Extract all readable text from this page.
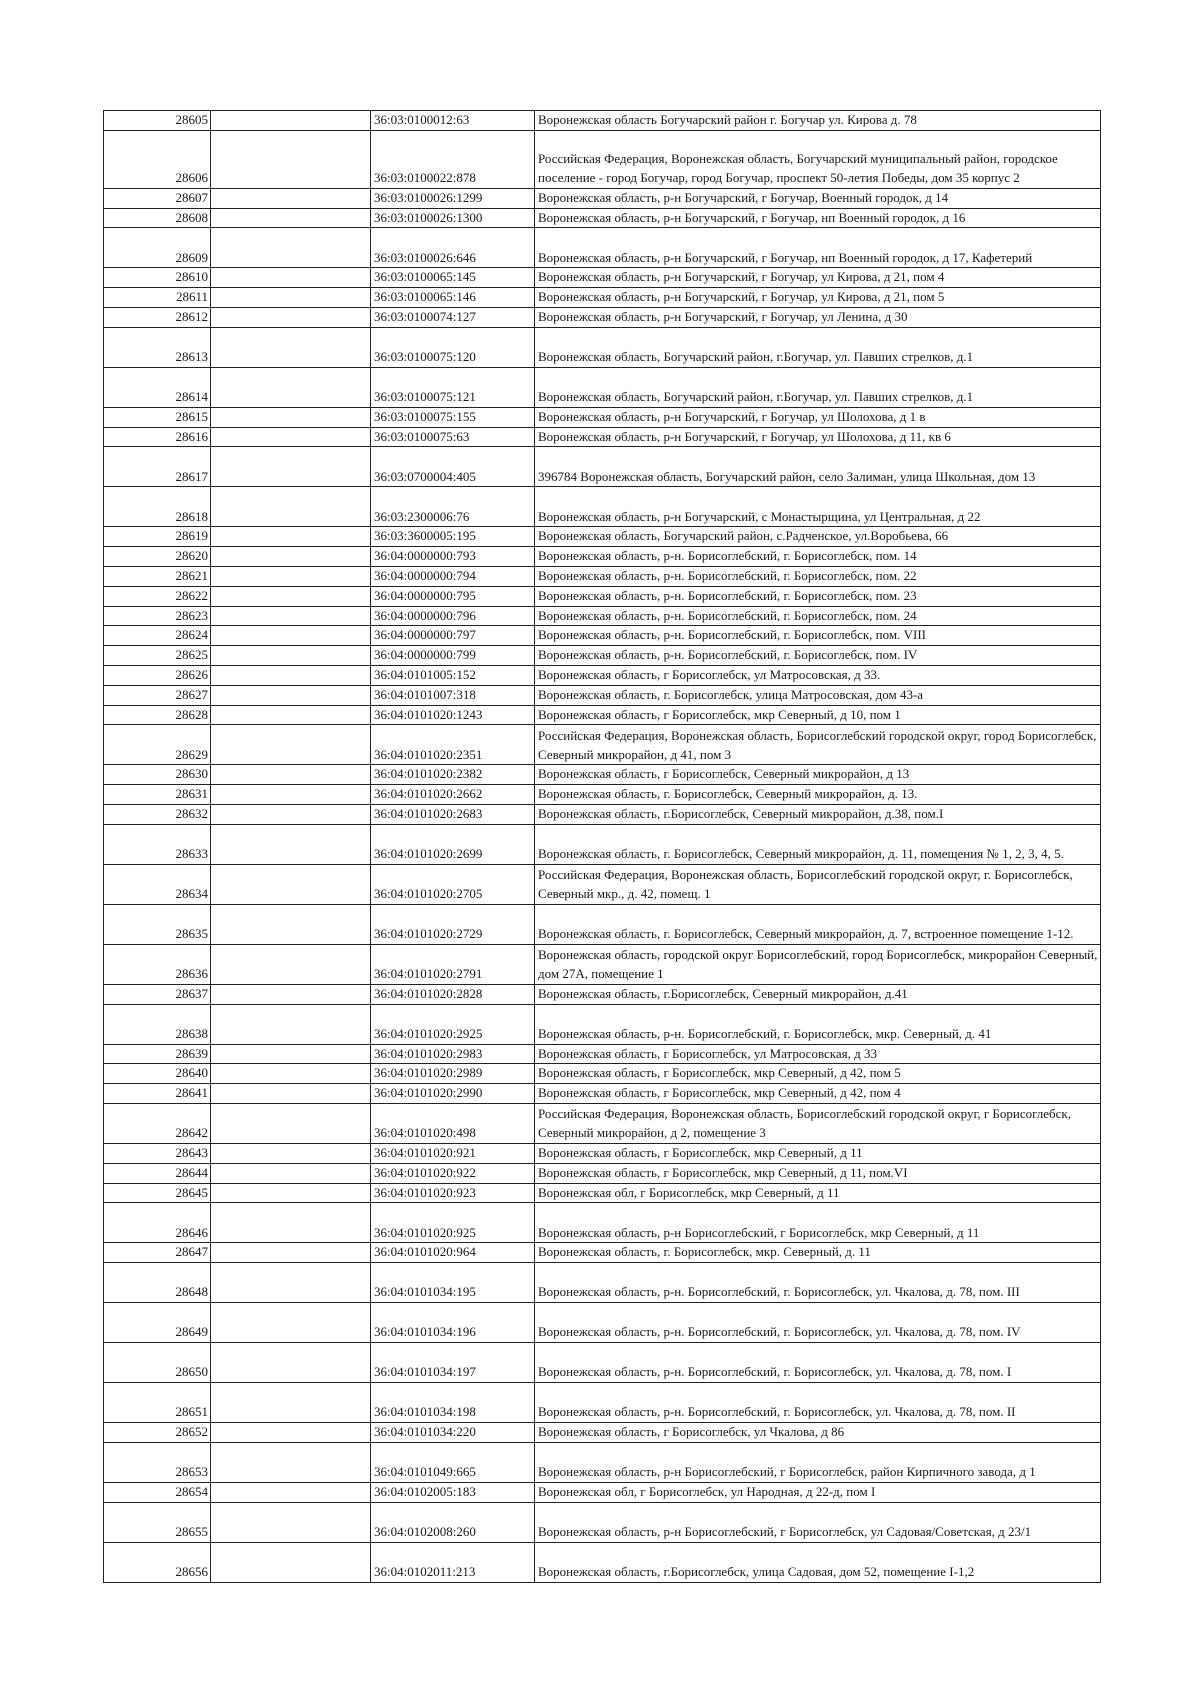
28605		36:03:0100012:63	Воронежская область Богучарский район г. Богучар ул. Кирова д. 78
28606		36:03:0100022:878	Российская Федерация, Воронежская область, Богучарский муниципальный район, городское поселение - город Богучар, город Богучар, проспект 50-летия Победы, дом 35 корпус 2
28607		36:03:0100026:1299	Воронежская область, р-н Богучарский, г Богучар, Военный городок, д 14
28608		36:03:0100026:1300	Воронежская область, р-н Богучарский, г Богучар, нп Военный городок, д 16
28609		36:03:0100026:646	Воронежская область, р-н Богучарский, г Богучар, нп Военный городок, д 17, Кафетерий
28610		36:03:0100065:145	Воронежская область, р-н Богучарский, г Богучар, ул Кирова, д 21, пом 4
28611		36:03:0100065:146	Воронежская область, р-н Богучарский, г Богучар, ул Кирова, д 21, пом 5
28612		36:03:0100074:127	Воронежская область, р-н Богучарский, г Богучар, ул Ленина, д 30
28613		36:03:0100075:120	Воронежская область, Богучарский район, г.Богучар, ул. Павших стрелков, д.1
28614		36:03:0100075:121	Воронежская область, Богучарский район, г.Богучар, ул. Павших стрелков, д.1
28615		36:03:0100075:155	Воронежская область, р-н Богучарский, г Богучар, ул Шолохова, д 1 в
28616		36:03:0100075:63	Воронежская область, р-н Богучарский, г Богучар, ул Шолохова, д 11, кв 6
28617		36:03:0700004:405	396784 Воронежская область, Богучарский район, село Залиман, улица Школьная, дом 13
28618		36:03:2300006:76	Воронежская область, р-н Богучарский, с Монастырщина, ул Центральная, д 22
28619		36:03:3600005:195	Воронежская область, Богучарский район, с.Радченское, ул.Воробьева, 66
28620		36:04:0000000:793	Воронежская область, р-н. Борисоглебский, г. Борисоглебск, пом. 14
28621		36:04:0000000:794	Воронежская область, р-н. Борисоглебский, г. Борисоглебск, пом. 22
28622		36:04:0000000:795	Воронежская область, р-н. Борисоглебский, г. Борисоглебск, пом. 23
28623		36:04:0000000:796	Воронежская область, р-н. Борисоглебский, г. Борисоглебск, пом. 24
28624		36:04:0000000:797	Воронежская область, р-н. Борисоглебский, г. Борисоглебск, пом. VIII
28625		36:04:0000000:799	Воронежская область, р-н. Борисоглебский, г. Борисоглебск, пом. IV
28626		36:04:0101005:152	Воронежская область, г Борисоглебск, ул Матросовская, д 33.
28627		36:04:0101007:318	Воронежская область, г. Борисоглебск, улица Матросовская, дом 43-а
28628		36:04:0101020:1243	Воронежская область, г Борисоглебск, мкр Северный, д 10, пом 1
28629		36:04:0101020:2351	Российская Федерация, Воронежская область, Борисоглебский городской округ, город Борисоглебск, Северный микрорайон, д 41, пом 3
28630		36:04:0101020:2382	Воронежская область, г Борисоглебск, Северный микрорайон, д 13
28631		36:04:0101020:2662	Воронежская область, г. Борисоглебск, Северный микрорайон, д. 13.
28632		36:04:0101020:2683	Воронежская область, г.Борисоглебск, Северный микрорайон, д.38, пом.I
28633		36:04:0101020:2699	Воронежская область, г. Борисоглебск, Северный микрорайон, д. 11, помещения № 1, 2, 3, 4, 5.
28634		36:04:0101020:2705	Российская Федерация, Воронежская область, Борисоглебский городской округ, г. Борисоглебск, Северный мкр., д. 42, помещ. 1
28635		36:04:0101020:2729	Воронежская область, г. Борисоглебск, Северный микрорайон, д. 7, встроенное помещение 1-12.
28636		36:04:0101020:2791	Воронежская область, городской округ Борисоглебский, город Борисоглебск, микрорайон Северный, дом 27А, помещение 1
28637		36:04:0101020:2828	Воронежская область, г.Борисоглебск, Северный микрорайон, д.41
28638		36:04:0101020:2925	Воронежская область, р-н. Борисоглебский, г. Борисоглебск, мкр. Северный, д. 41
28639		36:04:0101020:2983	Воронежская область, г Борисоглебск, ул Матросовская, д 33
28640		36:04:0101020:2989	Воронежская область, г Борисоглебск, мкр Северный, д 42, пом 5
28641		36:04:0101020:2990	Воронежская область, г Борисоглебск, мкр Северный, д 42, пом 4
28642		36:04:0101020:498	Российская Федерация, Воронежская область, Борисоглебский городской округ, г Борисоглебск, Северный микрорайон, д 2, помещение 3
28643		36:04:0101020:921	Воронежская область, г Борисоглебск, мкр Северный, д 11
28644		36:04:0101020:922	Воронежская область, г Борисоглебск, мкр Северный, д 11, пом.VI
28645		36:04:0101020:923	Воронежская обл, г Борисоглебск, мкр Северный, д 11
28646		36:04:0101020:925	Воронежская область, р-н Борисоглебский, г Борисоглебск, мкр Северный, д 11
28647		36:04:0101020:964	Воронежская область, г. Борисоглебск, мкр. Северный, д. 11
28648		36:04:0101034:195	Воронежская область, р-н. Борисоглебский, г. Борисоглебск, ул. Чкалова, д. 78, пом. III
28649		36:04:0101034:196	Воронежская область, р-н. Борисоглебский, г. Борисоглебск, ул. Чкалова, д. 78, пом. IV
28650		36:04:0101034:197	Воронежская область, р-н. Борисоглебский, г. Борисоглебск, ул. Чкалова, д. 78, пом. I
28651		36:04:0101034:198	Воронежская область, р-н. Борисоглебский, г. Борисоглебск, ул. Чкалова, д. 78, пом. II
28652		36:04:0101034:220	Воронежская область, г Борисоглебск, ул Чкалова, д 86
28653		36:04:0101049:665	Воронежская область, р-н Борисоглебский, г Борисоглебск, район Кирпичного завода, д 1
28654		36:04:0102005:183	Воронежская обл, г Борисоглебск, ул Народная, д 22-д, пом I
28655		36:04:0102008:260	Воронежская область, р-н Борисоглебский, г Борисоглебск, ул Садовая/Советская, д 23/1
28656		36:04:0102011:213	Воронежская область, г.Борисоглебск, улица Садовая, дом 52, помещение I-1,2
